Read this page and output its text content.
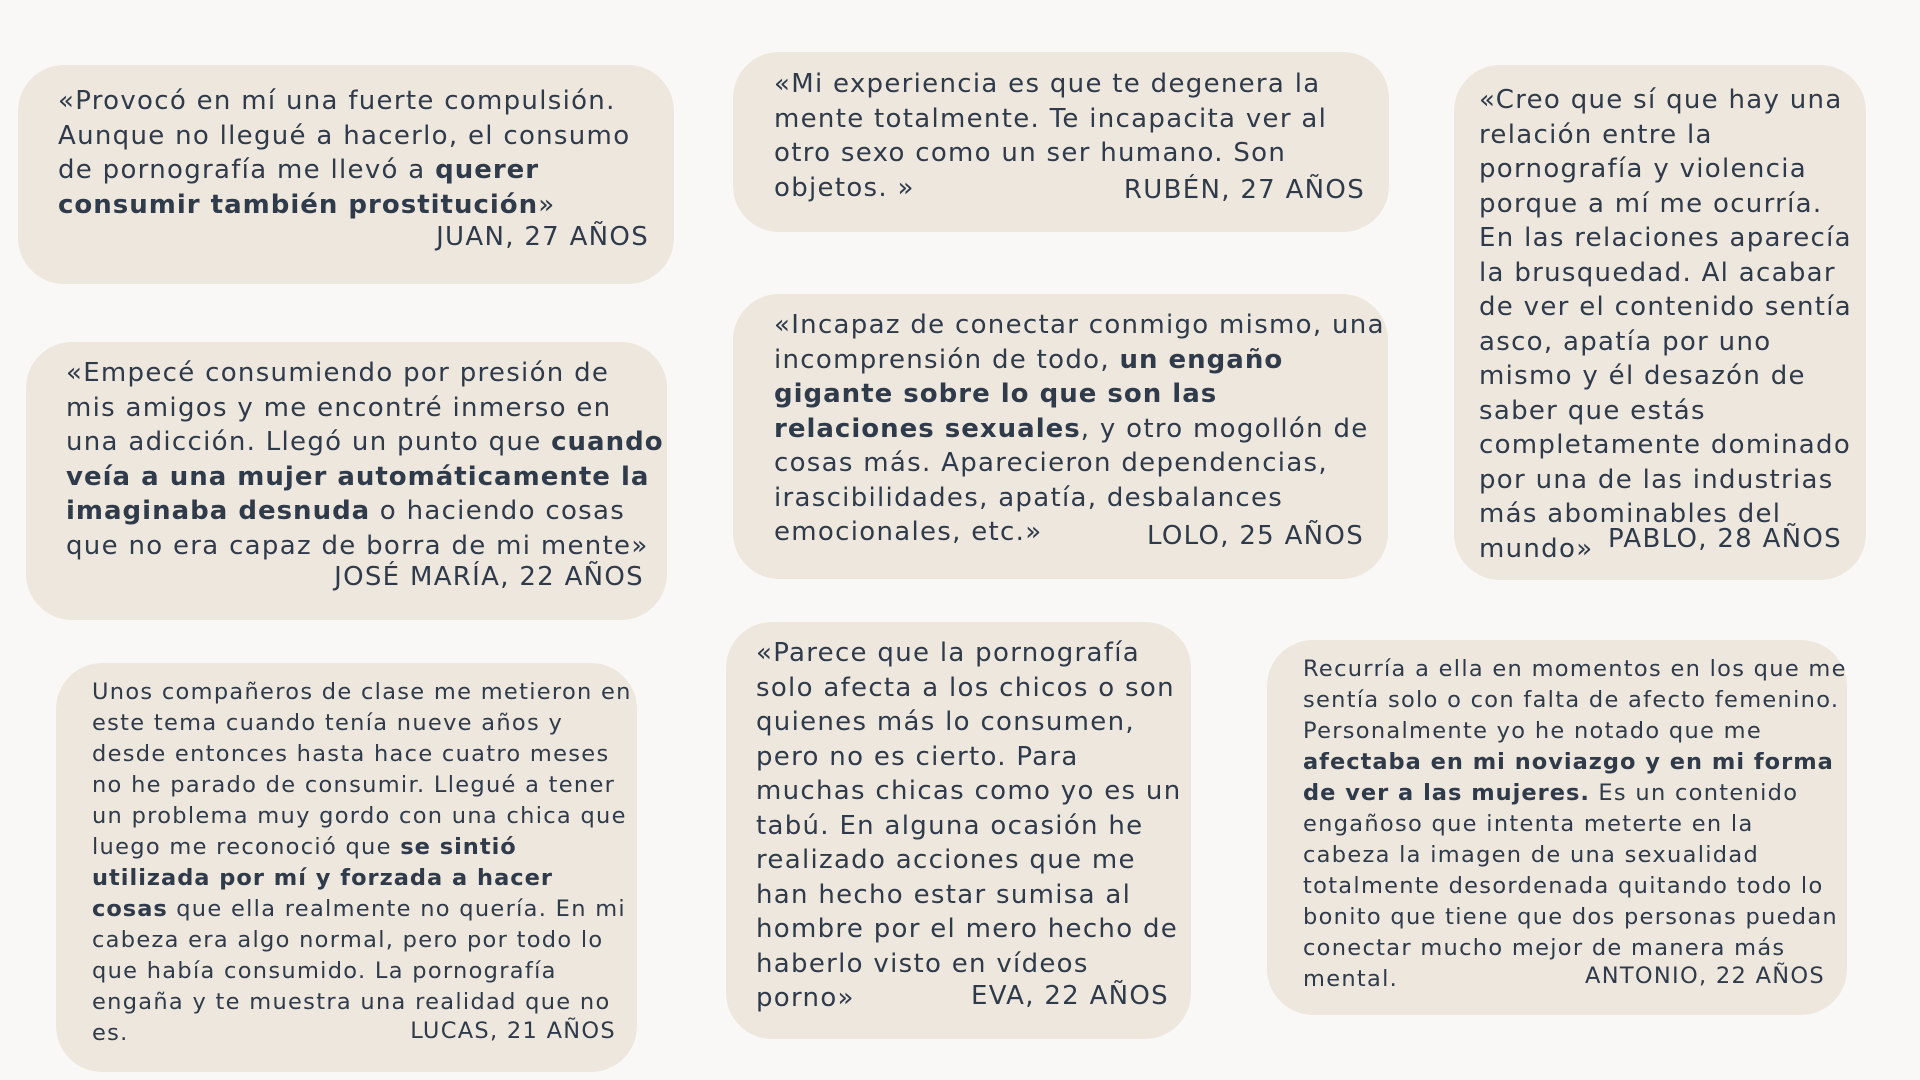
«Provocó en mí una fuerte compulsión. Aunque no llegué a hacerlo, el consumo de pornografía me llevó a querer consumir también prostitución»

JUAN, 27 AÑOS

«Mi experiencia es que te degenera la mente totalmente. Te incapacita ver al otro sexo como un ser humano. Son objetos. »	RUBÉN, 27 AÑOS

«Creo que sí que hay una relación entre la pornografía y violencia porque a mí me ocurría. En las relaciones aparecía la brusquedad. Al acabar de ver el contenido sentía asco, apatía por uno mismo y él desazón de saber que estás completamente dominado por una de las industrias más abominables del mundo» PABLO, 28 AÑOS

«Empecé consumiendo por presión de mis amigos y me encontré inmerso en una adicción. Llegó un punto que cuando veía a una mujer automáticamente la imaginaba desnuda o haciendo cosas que no era capaz de borra de mi mente»

JOSÉ MARÍA, 22 AÑOS

«Incapaz de conectar conmigo mismo, una incomprensión de todo, un engaño gigante sobre lo que son las relaciones sexuales, y otro mogollón de cosas más. Aparecieron dependencias, irascibilidades, apatía, desbalances emocionales, etc.»	LOLO, 25 AÑOS

Unos compañeros de clase me metieron en este tema cuando tenía nueve años y desde entonces hasta hace cuatro meses no he parado de consumir. Llegué a tener un problema muy gordo con una chica que luego me reconoció que se sintió utilizada por mí y forzada a hacer cosas que ella realmente no quería. En mi cabeza era algo normal, pero por todo lo que había consumido. La pornografía engaña y te muestra una realidad que no es.	LUCAS, 21 AÑOS

«Parece que la pornografía solo afecta a los chicos o son quienes más lo consumen, pero no es cierto. Para muchas chicas como yo es un tabú. En alguna ocasión he realizado acciones que me han hecho estar sumisa al hombre por el mero hecho de haberlo visto en vídeos porno»	EVA, 22 AÑOS

Recurría a ella en momentos en los que me sentía solo o con falta de afecto femenino. Personalmente yo he notado que me afectaba en mi noviazgo y en mi forma de ver a las mujeres. Es un contenido engañoso que intenta meterte en la cabeza la imagen de una sexualidad totalmente desordenada quitando todo lo bonito que tiene que dos personas puedan conectar mucho mejor de manera más mental.	ANTONIO, 22 AÑOS
